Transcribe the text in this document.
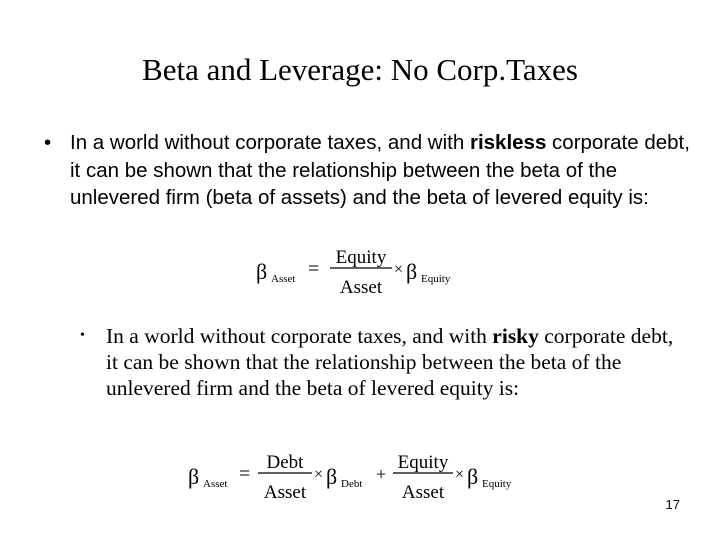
Beta and Leverage: No Corp.Taxes
• In a world without corporate taxes, and with riskless corporate debt, it can be shown that the relationship between the beta of the unlevered firm (beta of assets) and the beta of levered equity is:
β Asset =
Equity
Asset
× β Equity
• In a world without corporate taxes, and with risky corporate debt, it can be shown that the relationship between the beta of the unlevered firm and the beta of levered equity is:
β Asset =
Debt
Asset
× β Debt +
Equity
Asset
× β Equity
17
